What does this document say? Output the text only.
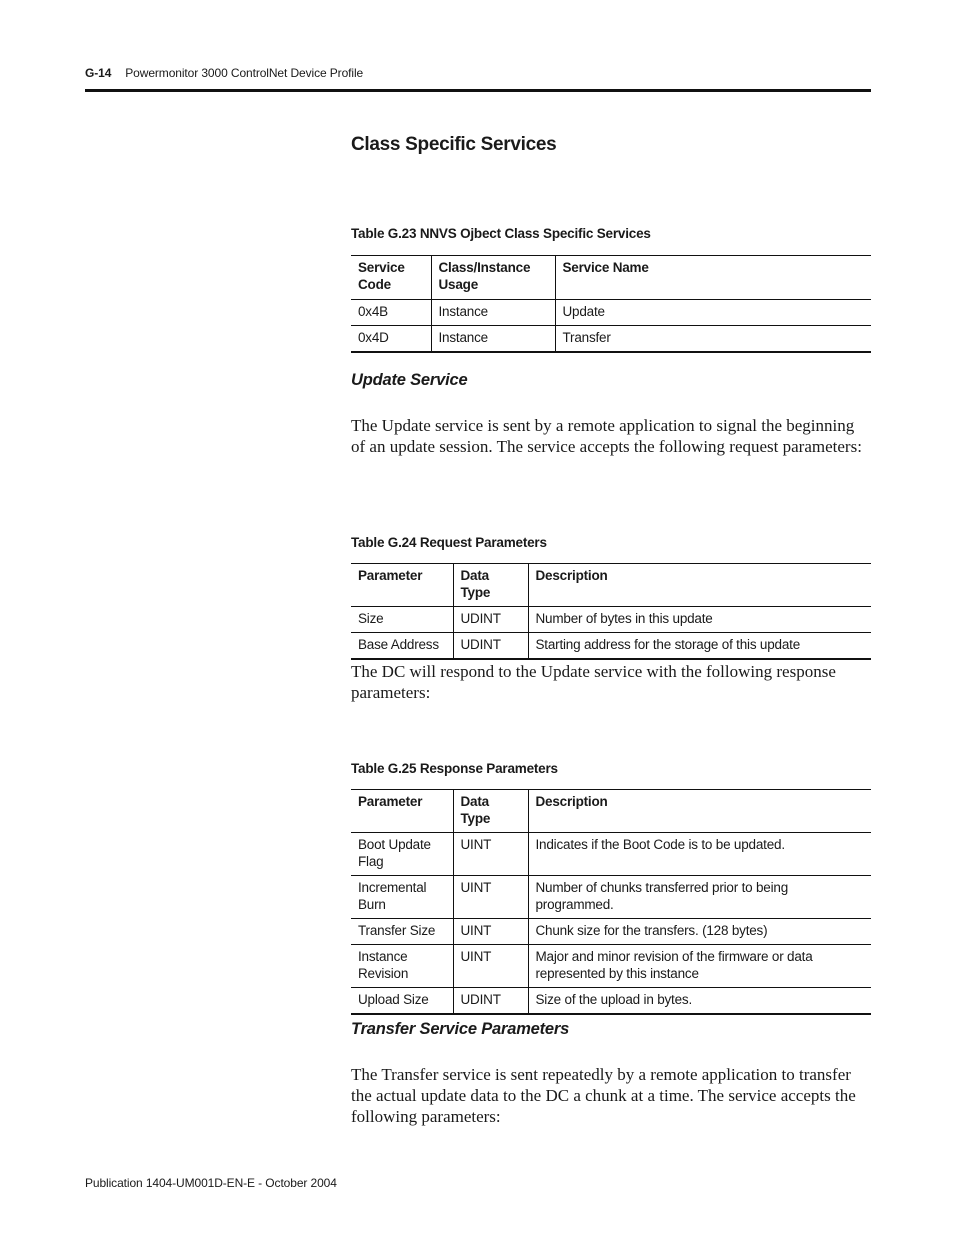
G-14 Powermonitor 3000 ControlNet Device Profile
Class Specific Services

Table G.23 NNVS Ojbect Class Specific Services

Service Code	Class/Instance Usage	Service Name
0x4B	Instance	Update
0x4D	Instance	Transfer
Update Service

The Update service is sent by a remote application to signal the beginning of an update session. The service accepts the following request parameters:

Table G.24 Request Parameters

Parameter	Data Type	Description
Size	UDINT	Number of bytes in this update
Base Address	UDINT	Starting address for the storage of this update

The DC will respond to the Update service with the following response parameters:

Table G.25 Response Parameters

Parameter	Data Type	Description
Boot Update Flag	UINT	Indicates if the Boot Code is to be updated.
Incremental Burn	UINT	Number of chunks transferred prior to being programmed.
Transfer Size	UINT	Chunk size for the transfers. (128 bytes)
Instance Revision	UINT	Major and minor revision of the firmware or data represented by this instance
Upload Size	UDINT	Size of the upload in bytes.
Transfer Service Parameters

The Transfer service is sent repeatedly by a remote application to transfer the actual update data to the DC a chunk at a time. The service accepts the following parameters:

Publication 1404-UM001D-EN-E - October 2004
